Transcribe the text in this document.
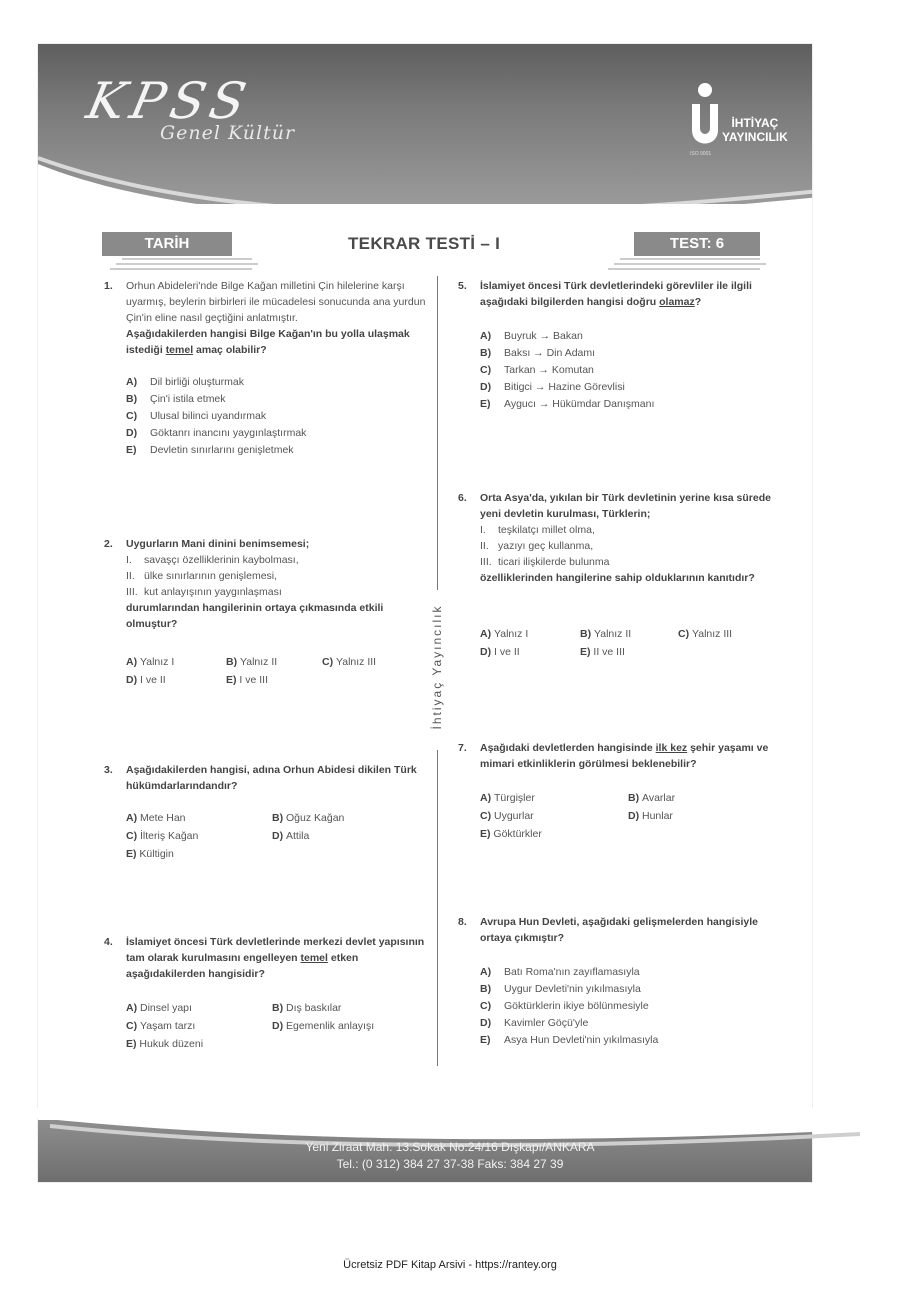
KPSS
Genel Kültür	İHTİYAÇ
YAYINCILIK
ISO 9001
TARİH	TEKRAR TESTİ – I	TEST: 6
İhtiyaç Yayıncılık
1. Orhun Abideleri'nde Bilge Kağan milletini Çin hilelerine karşı uyarmış, beylerin birbirleri ile mücadelesi sonucunda ana yurdun Çin'in eline nasıl geçtiğini anlatmıştır.

Aşağıdakilerden hangisi Bilge Kağan'ın bu yolla ulaşmak istediği temel amaç olabilir?

A)	Dil birliği oluşturmak
B)	Çin'i istila etmek
C)	Ulusal bilinci uyandırmak
D)	Göktanrı inancını yaygınlaştırmak
E)	Devletin sınırlarını genişletmek
2. Uygurların Mani dinini benimsemesi;

I.	savaşçı özelliklerinin kaybolması,
II. ülke sınırlarının genişlemesi,
III. kut anlayışının yaygınlaşması

durumlarından hangilerinin ortaya çıkmasında etkili olmuştur?

A) Yalnız I	B) Yalnız II	C) Yalnız III
D) I ve II	E) I ve III
3. Aşağıdakilerden hangisi, adına Orhun Abidesi dikilen Türk hükümdarlarındandır?

A) Mete Han	B) Oğuz Kağan
C) İlteriş Kağan	D) Attila
E) Kültigin
4. İslamiyet öncesi Türk devletlerinde merkezi devlet yapısının tam olarak kurulmasını engelleyen temel etken aşağıdakilerden hangisidir?

A) Dinsel yapı	B) Dış baskılar
C) Yaşam tarzı	D) Egemenlik anlayışı
E) Hukuk düzeni
5. İslamiyet öncesi Türk devletlerindeki görevliler ile ilgili aşağıdaki bilgilerden hangisi doğru olamaz?

A)	Buyruk → Bakan
B)	Baksı → Din Adamı
C)	Tarkan → Komutan
D)	Bitigci → Hazine Görevlisi
E)	Aygucı → Hükümdar Danışmanı
6. Orta Asya'da, yıkılan bir Türk devletinin yerine kısa sürede yeni devletin kurulması, Türklerin;

I.	teşkilatçı millet olma,
II. yazıyı geç kullanma,
III. ticari ilişkilerde bulunma

özelliklerinden hangilerine sahip olduklarının kanıtıdır?

A) Yalnız I	B) Yalnız II	C) Yalnız III
D) I ve II	E) II ve III
7. Aşağıdaki devletlerden hangisinde ilk kez şehir yaşamı ve mimari etkinliklerin görülmesi beklenebilir?

A) Türgişler	B) Avarlar
C) Uygurlar	D) Hunlar
E) Göktürkler
8. Avrupa Hun Devleti, aşağıdaki gelişmelerden hangisiyle ortaya çıkmıştır?

A)	Batı Roma'nın zayıflamasıyla
B)	Uygur Devleti'nin yıkılmasıyla
C)	Göktürklerin ikiye bölünmesiyle
D)	Kavimler Göçü'yle
E)	Asya Hun Devleti'nin yıkılmasıyla
Yeni Ziraat Mah. 13.Sokak No:24/16 Dışkapı/ANKARA
Tel.: (0 312) 384 27 37-38 Faks: 384 27 39
Ücretsiz PDF Kitap Arsivi - https://rantey.org
